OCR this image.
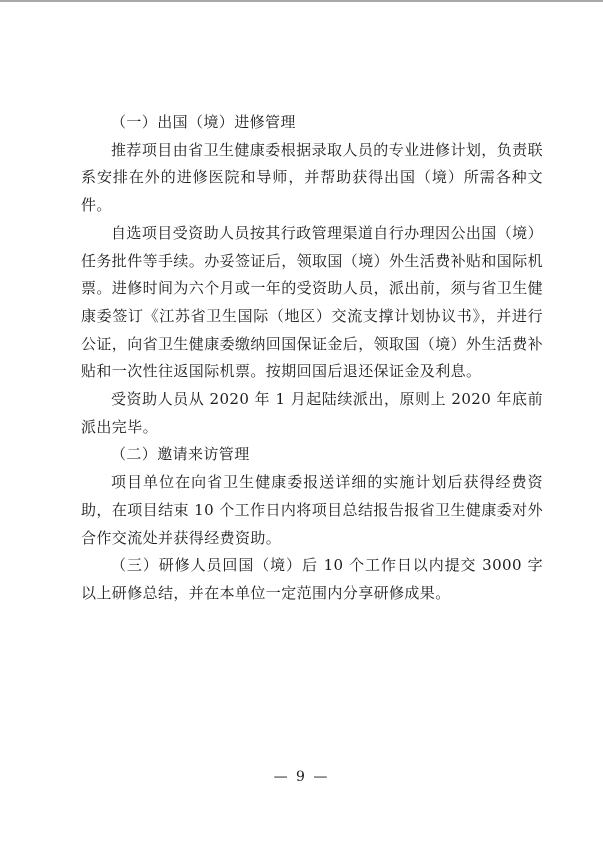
（一）出国（境）进修管理

推荐项目由省卫生健康委根据录取人员的专业进修计划，负责联系安排在外的进修医院和导师，并帮助获得出国（境）所需各种文件。

自选项目受资助人员按其行政管理渠道自行办理因公出国（境）任务批件等手续。办妥签证后，领取国（境）外生活费补贴和国际机票。进修时间为六个月或一年的受资助人员，派出前，须与省卫生健康委签订《江苏省卫生国际（地区）交流支撑计划协议书》，并进行公证，向省卫生健康委缴纳回国保证金后，领取国（境）外生活费补贴和一次性往返国际机票。按期回国后退还保证金及利息。

受资助人员从 2020 年 1 月起陆续派出，原则上 2020 年底前派出完毕。

（二）邀请来访管理

项目单位在向省卫生健康委报送详细的实施计划后获得经费资助，在项目结束 10 个工作日内将项目总结报告报省卫生健康委对外合作交流处并获得经费资助。

（三）研修人员回国（境）后 10 个工作日以内提交 3000 字以上研修总结，并在本单位一定范围内分享研修成果。

— 9 —
